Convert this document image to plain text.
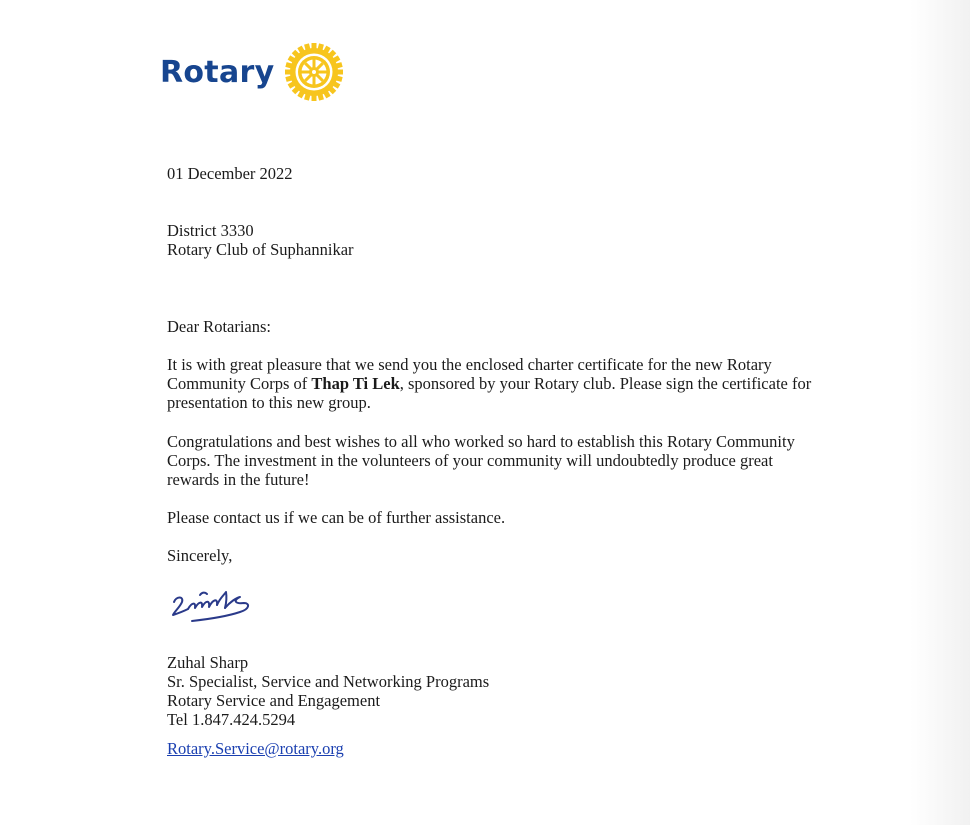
Rotary
01 December 2022
District 3330
Rotary Club of Suphannikar
Dear Rotarians:
It is with great pleasure that we send you the enclosed charter certificate for the new Rotary Community Corps of Thap Ti Lek, sponsored by your Rotary club. Please sign the certificate for presentation to this new group.
Congratulations and best wishes to all who worked so hard to establish this Rotary Community Corps. The investment in the volunteers of your community will undoubtedly produce great rewards in the future!
Please contact us if we can be of further assistance.
Sincerely,
Zuhal Sharp
Sr. Specialist, Service and Networking Programs
Rotary Service and Engagement
Tel 1.847.424.5294
Rotary.Service@rotary.org
